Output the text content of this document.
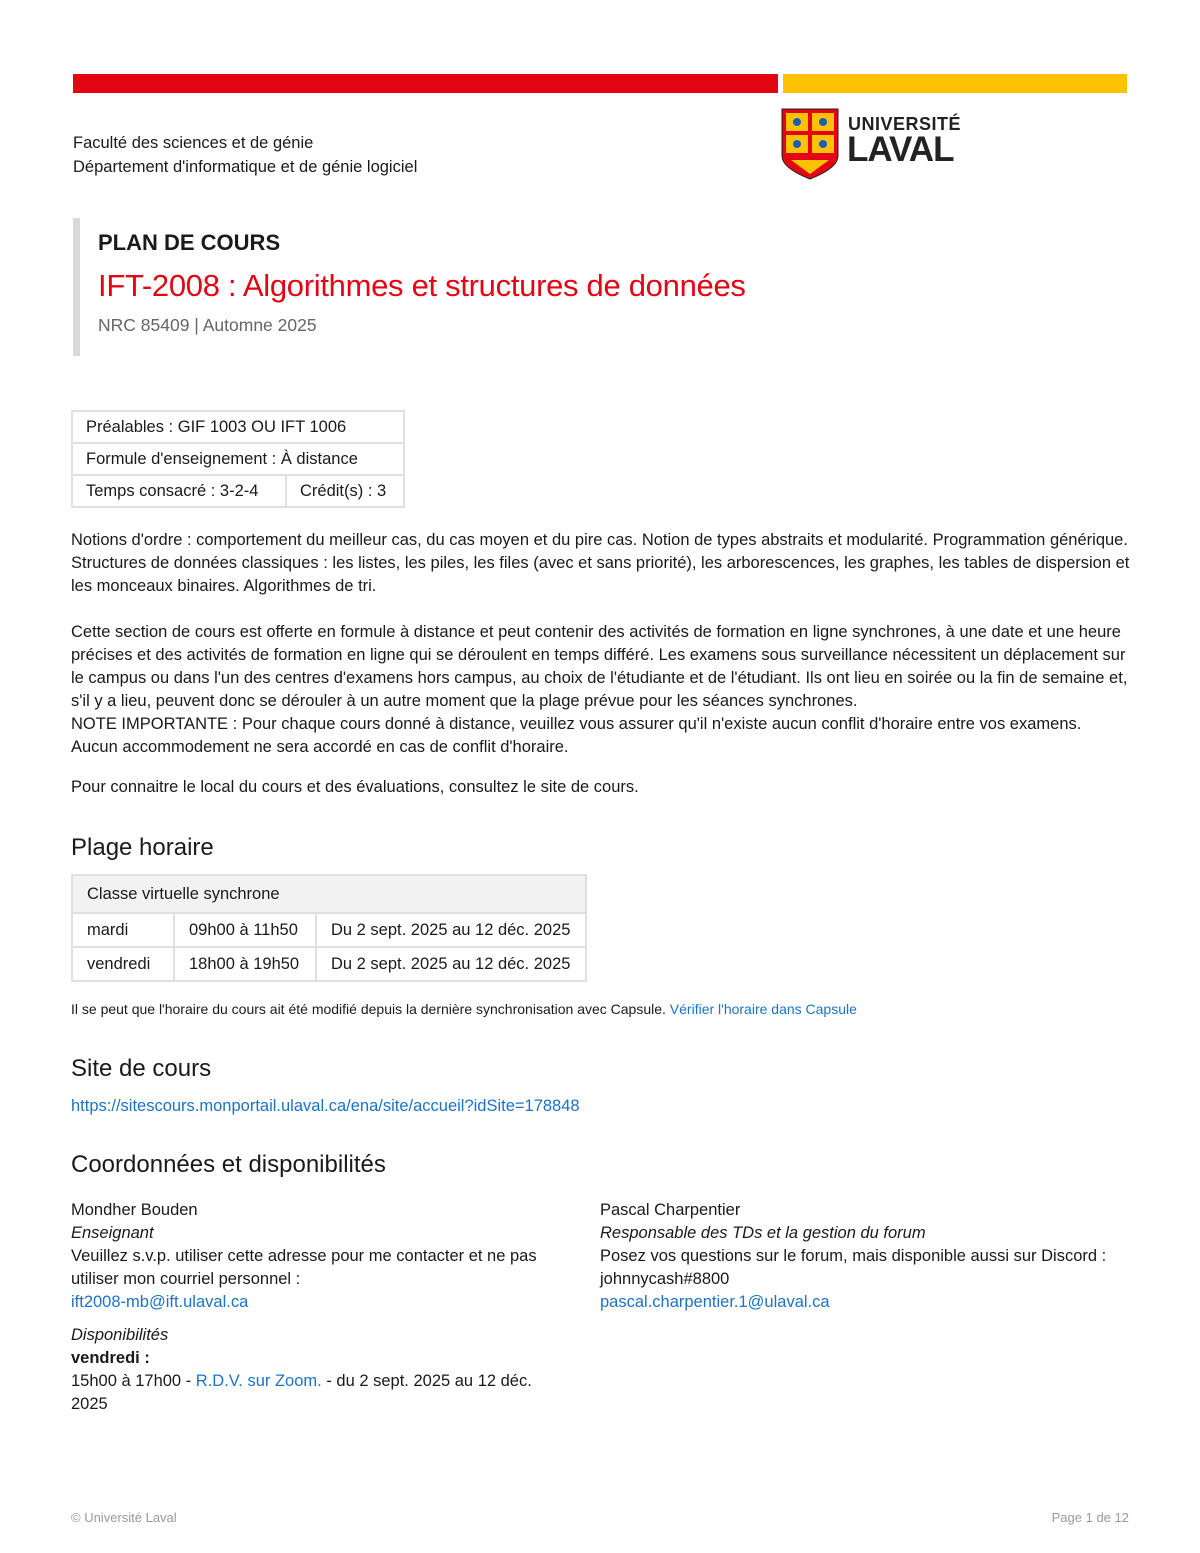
Faculté des sciences et de génie
Département d'informatique et de génie logiciel
UNIVERSITÉ
LAVAL
PLAN DE COURS
IFT-2008 : Algorithmes et structures de données
NRC 85409 | Automne 2025
Préalables : GIF 1003 OU IFT 1006
Formule d'enseignement : À distance
Temps consacré : 3-2-4	Crédit(s) : 3
Notions d'ordre : comportement du meilleur cas, du cas moyen et du pire cas. Notion de types abstraits et modularité. Programmation générique. Structures de données classiques : les listes, les piles, les files (avec et sans priorité), les arborescences, les graphes, les tables de dispersion et les monceaux binaires. Algorithmes de tri.
Cette section de cours est offerte en formule à distance et peut contenir des activités de formation en ligne synchrones, à une date et une heure précises et des activités de formation en ligne qui se déroulent en temps différé. Les examens sous surveillance nécessitent un déplacement sur le campus ou dans l'un des centres d'examens hors campus, au choix de l'étudiante et de l'étudiant. Ils ont lieu en soirée ou la fin de semaine et, s'il y a lieu, peuvent donc se dérouler à un autre moment que la plage prévue pour les séances synchrones.
NOTE IMPORTANTE : Pour chaque cours donné à distance, veuillez vous assurer qu'il n'existe aucun conflit d'horaire entre vos examens. Aucun accommodement ne sera accordé en cas de conflit d'horaire.
Pour connaitre le local du cours et des évaluations, consultez le site de cours.
Plage horaire
Classe virtuelle synchrone		
mardi	09h00 à 11h50	Du 2 sept. 2025 au 12 déc. 2025
vendredi	18h00 à 19h50	Du 2 sept. 2025 au 12 déc. 2025
Il se peut que l'horaire du cours ait été modifié depuis la dernière synchronisation avec Capsule. Vérifier l'horaire dans Capsule
Site de cours
https://sitescours.monportail.ulaval.ca/ena/site/accueil?idSite=178848
Coordonnées et disponibilités
Mondher Bouden
Enseignant
Veuillez s.v.p. utiliser cette adresse pour me contacter et ne pas
utiliser mon courriel personnel :
ift2008-mb@ift.ulaval.ca
Disponibilités
vendredi :
15h00 à 17h00 - R.D.V. sur Zoom. - du 2 sept. 2025 au 12 déc.
2025
Pascal Charpentier
Responsable des TDs et la gestion du forum
Posez vos questions sur le forum, mais disponible aussi sur Discord :
johnnycash#8800
pascal.charpentier.1@ulaval.ca
© Université Laval	Page 1 de 12
